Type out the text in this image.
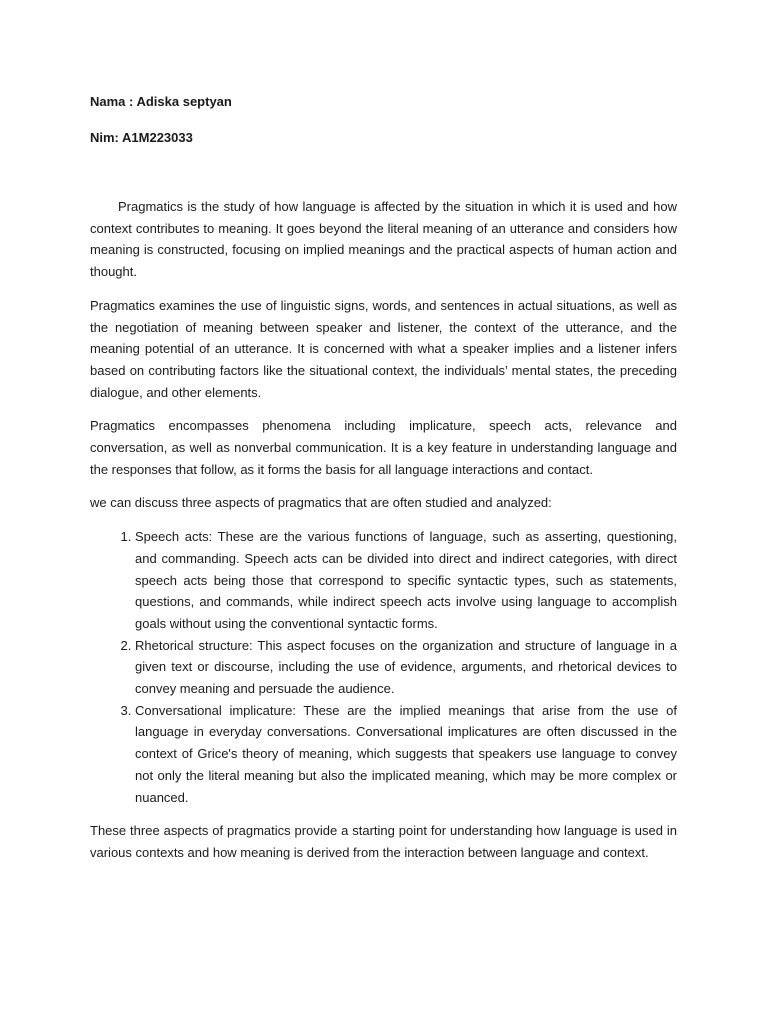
Nama : Adiska septyan

Nim: A1M223033

Pragmatics is the study of how language is affected by the situation in which it is used and how context contributes to meaning. It goes beyond the literal meaning of an utterance and considers how meaning is constructed, focusing on implied meanings and the practical aspects of human action and thought.

Pragmatics examines the use of linguistic signs, words, and sentences in actual situations, as well as the negotiation of meaning between speaker and listener, the context of the utterance, and the meaning potential of an utterance. It is concerned with what a speaker implies and a listener infers based on contributing factors like the situational context, the individuals’ mental states, the preceding dialogue, and other elements.

Pragmatics encompasses phenomena including implicature, speech acts, relevance and conversation, as well as nonverbal communication. It is a key feature in understanding language and the responses that follow, as it forms the basis for all language interactions and contact.

we can discuss three aspects of pragmatics that are often studied and analyzed:

1. Speech acts: These are the various functions of language, such as asserting, questioning, and commanding. Speech acts can be divided into direct and indirect categories, with direct speech acts being those that correspond to specific syntactic types, such as statements, questions, and commands, while indirect speech acts involve using language to accomplish goals without using the conventional syntactic forms.
2. Rhetorical structure: This aspect focuses on the organization and structure of language in a given text or discourse, including the use of evidence, arguments, and rhetorical devices to convey meaning and persuade the audience.
3. Conversational implicature: These are the implied meanings that arise from the use of language in everyday conversations. Conversational implicatures are often discussed in the context of Grice's theory of meaning, which suggests that speakers use language to convey not only the literal meaning but also the implicated meaning, which may be more complex or nuanced.

These three aspects of pragmatics provide a starting point for understanding how language is used in various contexts and how meaning is derived from the interaction between language and context.
